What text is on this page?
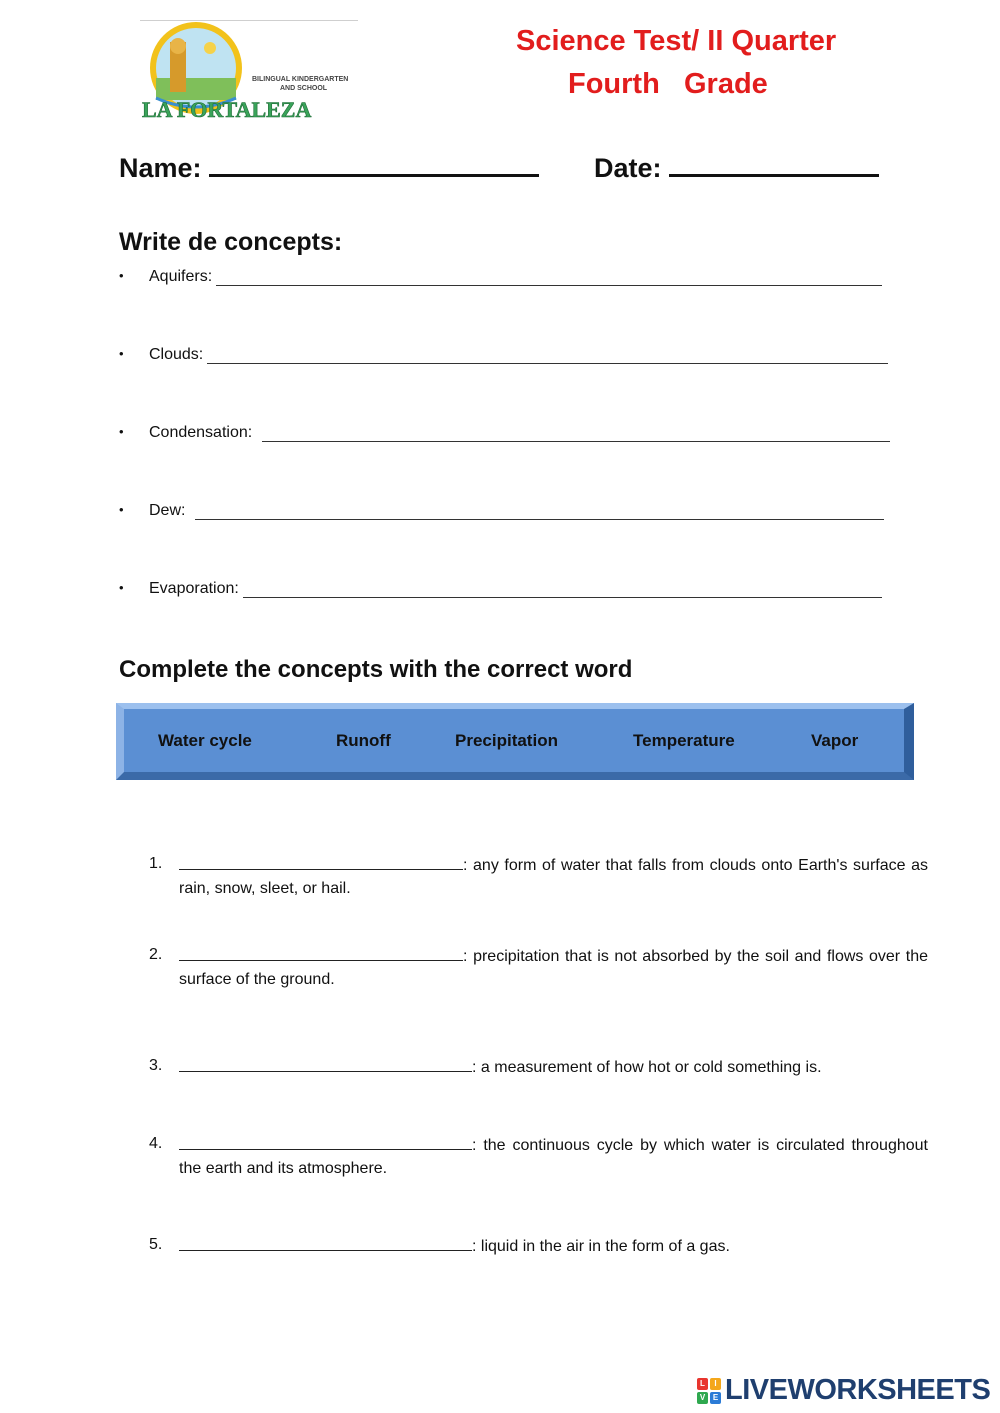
BILINGUAL KINDERGARTEN
AND SCHOOL
LA FORTALEZA
Science Test/ II Quarter
Fourth   Grade
Name:	Date:
Write de concepts:
•	Aquifers:
•	Clouds:
•	Condensation:
•	Dew:
•	Evaporation:
Complete the concepts with the correct word
Water cycle	Runoff	Precipitation	Temperature	Vapor
1.	: any form of water that falls from clouds onto Earth's surface as rain, snow, sleet, or hail.
2.	: precipitation that is not absorbed by the soil and flows over the surface of the ground.
3.	: a measurement of how hot or cold something is.
4.	: the continuous cycle by which water is circulated throughout the earth and its atmosphere.
5.	: liquid in the air in the form of a gas.
L	I
V E LIVEWORKSHEETS
